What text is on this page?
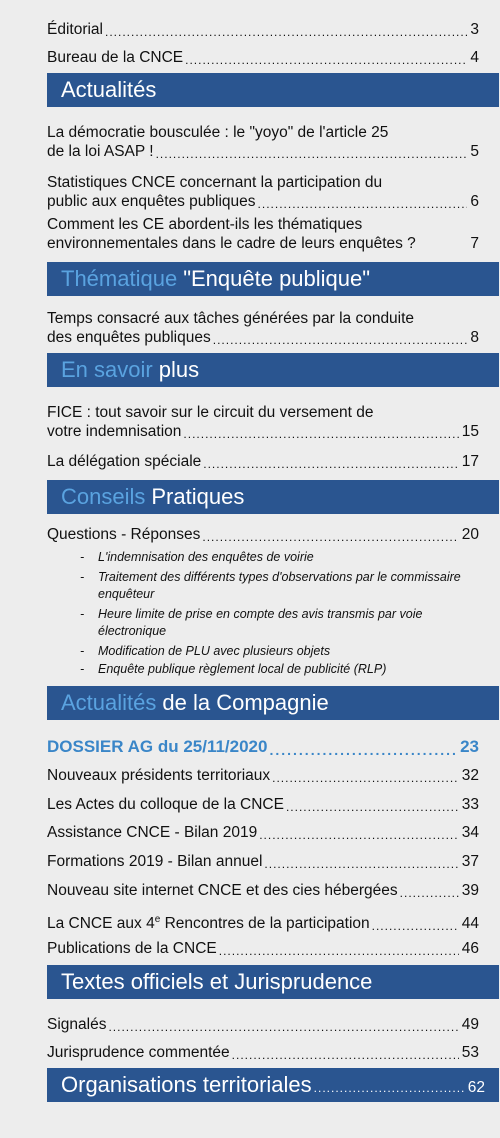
Éditorial .....	3
Bureau de la CNCE .....	4
Actualités
La démocratie bousculée : le "yoyo" de l'article 25
de la loi ASAP ! .....	5
Statistiques CNCE concernant la participation du
public aux enquêtes publiques .....	6
Comment les CE abordent-ils les thématiques
environnementales dans le cadre de leurs enquêtes ?	7
Thématique "Enquête publique"
Temps consacré aux tâches générées par la conduite
des enquêtes publiques .....	8
En savoir plus
FICE : tout savoir sur le circuit du versement de
votre indemnisation .....	15
La délégation spéciale .....	17
Conseils Pratiques
Questions - Réponses .....	20
- L'indemnisation des enquêtes de voirie
- Traitement des différents types d'observations par le commissaire enquêteur
- Heure limite de prise en compte des avis transmis par voie électronique
- Modification de PLU avec plusieurs objets
- Enquête publique règlement local de publicité (RLP)
Actualités de la Compagnie
DOSSIER AG du 25/11/2020 .....	23
Nouveaux présidents territoriaux .....	32
Les Actes du colloque de la CNCE .....	33
Assistance CNCE - Bilan 2019 .....	34
Formations 2019 - Bilan annuel .....	37
Nouveau site internet CNCE et des cies hébergées .....	39
La CNCE aux 4e Rencontres de la participation .....	44
Publications de la CNCE .....	46
Textes officiels et Jurisprudence
Signalés .....	49
Jurisprudence commentée .....	53
Organisations territoriales .....	62
